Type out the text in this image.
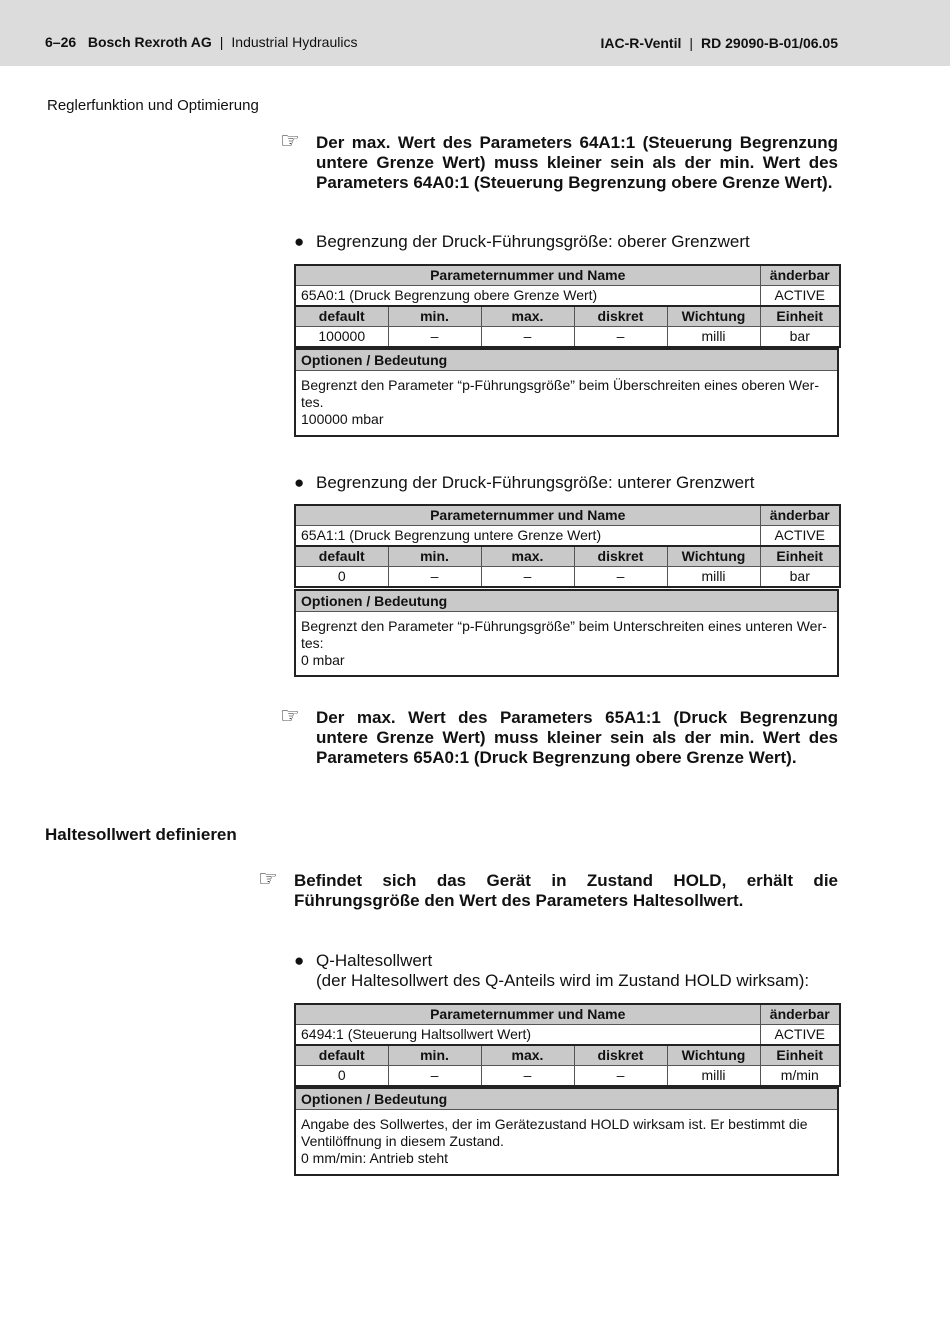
6–26 Bosch Rexroth AG | Industrial Hydraulics	IAC-R-Ventil | RD 29090-B-01/06.05
Reglerfunktion und Optimierung
☞ Der max. Wert des Parameters 64A1:1 (Steuerung Begrenzung untere Grenze Wert) muss kleiner sein als der min. Wert des Parameters 64A0:1 (Steuerung Begrenzung obere Grenze Wert).
● Begrenzung der Druck-Führungsgröße: oberer Grenzwert
Parameternummer und Name					änderbar
65A0:1 (Druck Begrenzung obere Grenze Wert)					ACTIVE
default	min.	max.	diskret	Wichtung	Einheit
100000	–	–	–	milli	bar
Optionen / Bedeutung
Begrenzt den Parameter “p-Führungsgröße” beim Überschreiten eines oberen Wer-
tes.
100000 mbar
● Begrenzung der Druck-Führungsgröße: unterer Grenzwert
Parameternummer und Name					änderbar
65A1:1 (Druck Begrenzung untere Grenze Wert)					ACTIVE
default	min.	max.	diskret	Wichtung	Einheit
0	–	–	–	milli	bar
Optionen / Bedeutung
Begrenzt den Parameter “p-Führungsgröße” beim Unterschreiten eines unteren Wer-
tes:
0 mbar
☞ Der max. Wert des Parameters 65A1:1 (Druck Begrenzung untere Grenze Wert) muss kleiner sein als der min. Wert des Parameters 65A0:1 (Druck Begrenzung obere Grenze Wert).
Haltesollwert definieren
☞ Befindet sich das Gerät in Zustand HOLD, erhält die Führungsgröße den Wert des Parameters Haltesollwert.
● Q-Haltesollwert
(der Haltesollwert des Q-Anteils wird im Zustand HOLD wirksam):
Parameternummer und Name					änderbar
6494:1 (Steuerung Haltsollwert Wert)					ACTIVE
default	min.	max.	diskret	Wichtung	Einheit
0	–	–	–	milli	m/min
Optionen / Bedeutung
Angabe des Sollwertes, der im Gerätezustand HOLD wirksam ist. Er bestimmt die
Ventilöffnung in diesem Zustand.
0 mm/min: Antrieb steht
